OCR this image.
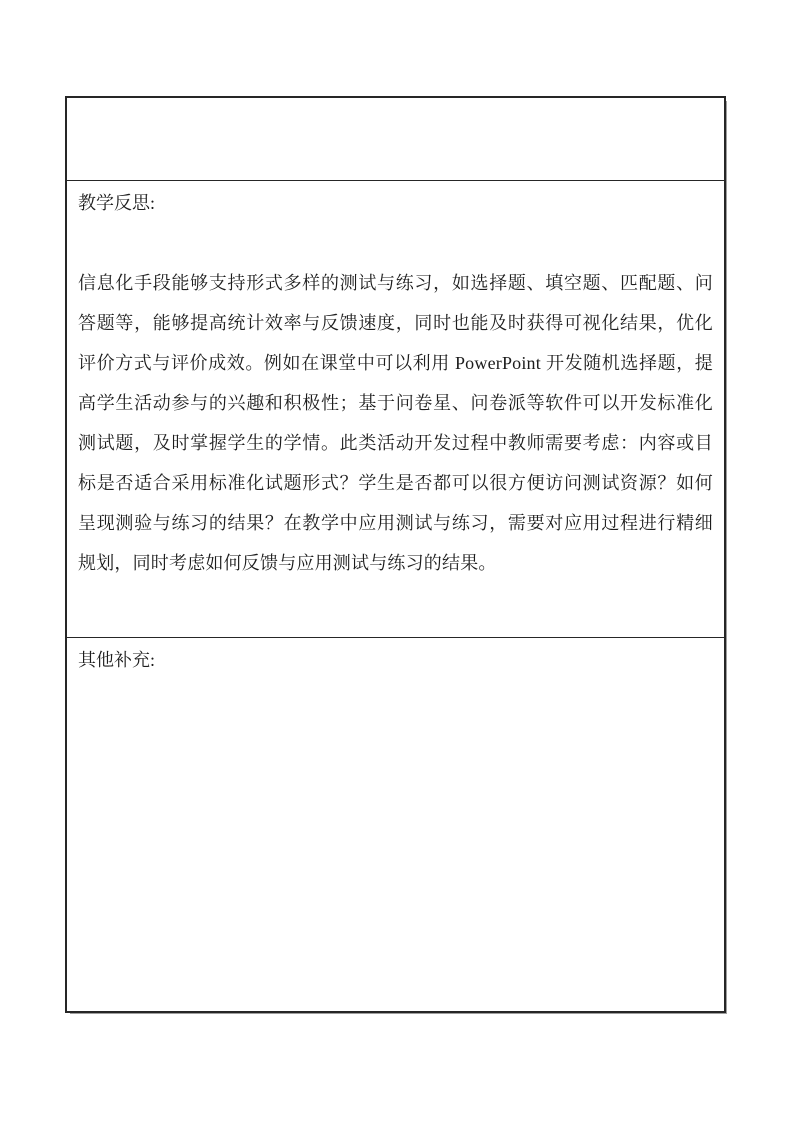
教学反思:

信息化手段能够支持形式多样的测试与练习，如选择题、填空题、匹配题、问答题等，能够提高统计效率与反馈速度，同时也能及时获得可视化结果，优化评价方式与评价成效。例如在课堂中可以利用 PowerPoint 开发随机选择题，提高学生活动参与的兴趣和积极性；基于问卷星、问卷派等软件可以开发标准化测试题，及时掌握学生的学情。此类活动开发过程中教师需要考虑：内容或目标是否适合采用标准化试题形式？学生是否都可以很方便访问测试资源？如何呈现测验与练习的结果？在教学中应用测试与练习，需要对应用过程进行精细规划，同时考虑如何反馈与应用测试与练习的结果。

其他补充:
